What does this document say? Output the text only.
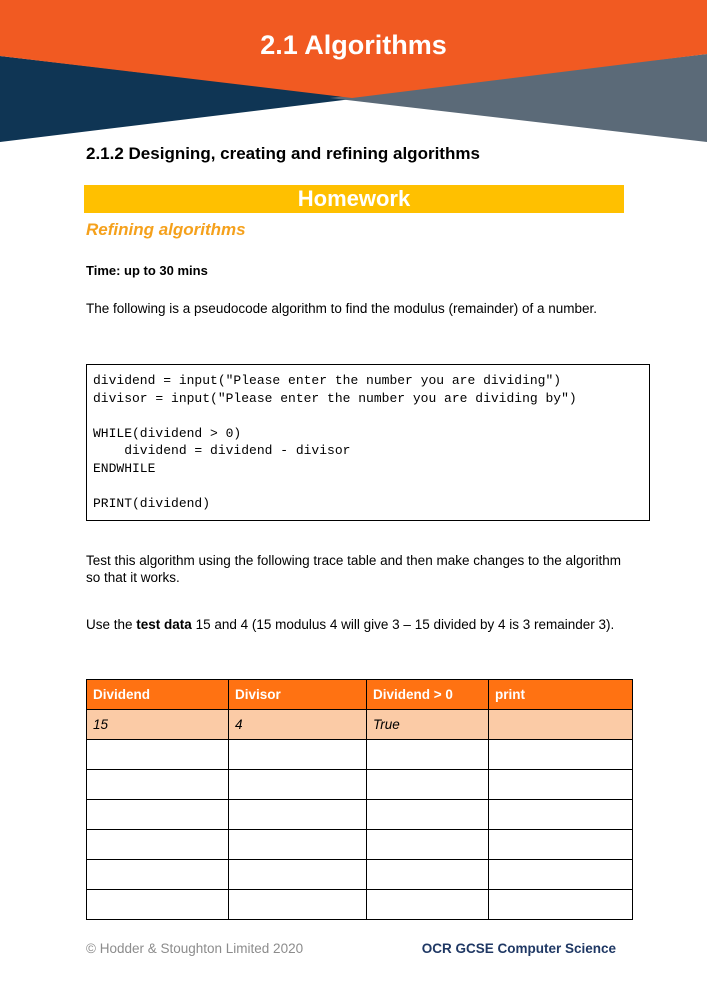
2.1 Algorithms
2.1.2 Designing, creating and refining algorithms
Homework
Refining algorithms
Time: up to 30 mins
The following is a pseudocode algorithm to find the modulus (remainder) of a number.
dividend = input("Please enter the number you are dividing")
divisor = input("Please enter the number you are dividing by")

WHILE(dividend > 0)
dividend = dividend - divisor
ENDWHILE

PRINT(dividend)
Test this algorithm using the following trace table and then make changes to the algorithm so that it works.
Use the test data 15 and 4 (15 modulus 4 will give 3 – 15 divided by 4 is 3 remainder 3).
Dividend	Divisor	Dividend > 0	print
15	4	True	

© Hodder & Stoughton Limited 2020	OCR GCSE Computer Science
